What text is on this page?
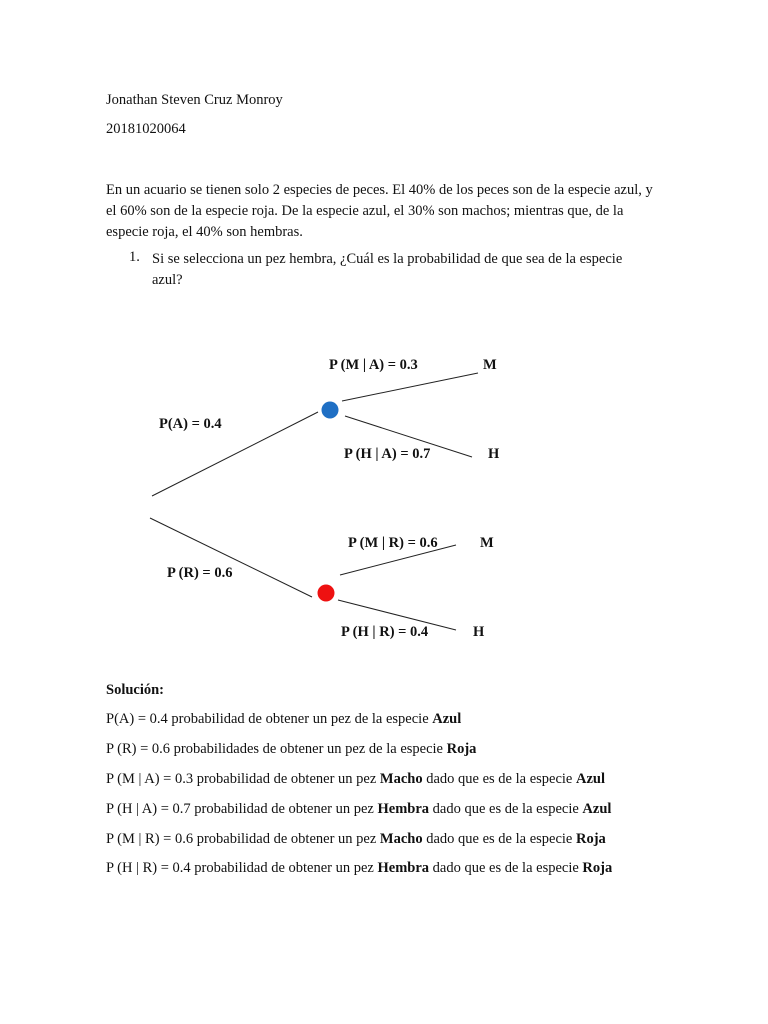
Jonathan Steven Cruz Monroy
20181020064
En un acuario se tienen solo 2 especies de peces. El 40% de los peces son de la especie azul, y el 60% son de la especie roja. De la especie azul, el 30% son machos; mientras que, de la especie roja, el 40% son hembras.
1. Si se selecciona un pez hembra, ¿Cuál es la probabilidad de que sea de la especie azul?
P (M | A) = 0.3	M
P(A) = 0.4
P (H | A) = 0.7	H
P (M | R) = 0.6	M
P (R) = 0.6
P (H | R) = 0.4	H
Solución:
P(A) = 0.4 probabilidad de obtener un pez de la especie Azul
P (R) = 0.6 probabilidades de obtener un pez de la especie Roja
P (M | A) = 0.3 probabilidad de obtener un pez Macho dado que es de la especie Azul
P (H | A) = 0.7 probabilidad de obtener un pez Hembra dado que es de la especie Azul
P (M | R) = 0.6 probabilidad de obtener un pez Macho dado que es de la especie Roja
P (H | R) = 0.4 probabilidad de obtener un pez Hembra dado que es de la especie Roja
